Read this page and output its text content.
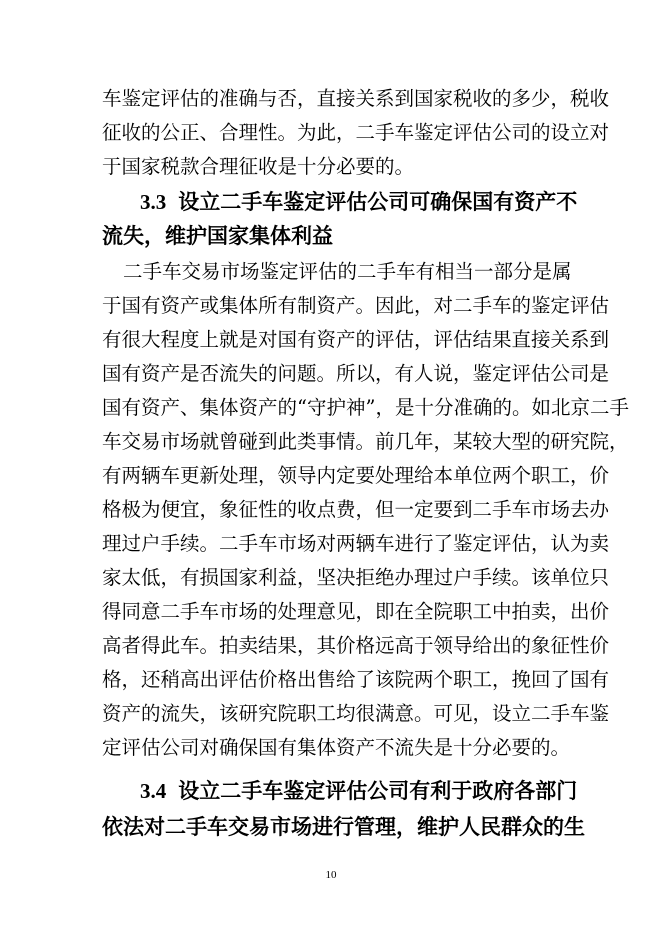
车鉴定评估的准确与否，直接关系到国家税收的多少，税收
征收的公正、合理性。为此，二手车鉴定评估公司的设立对
于国家税款合理征收是十分必要的。
3.3 设立二手车鉴定评估公司可确保国有资产不
流失，维护国家集体利益
二手车交易市场鉴定评估的二手车有相当一部分是属
于国有资产或集体所有制资产。因此，对二手车的鉴定评估
有很大程度上就是对国有资产的评估，评估结果直接关系到
国有资产是否流失的问题。所以，有人说，鉴定评估公司是
国有资产、集体资产的“守护神”，是十分准确的。如北京二手
车交易市场就曾碰到此类事情。前几年，某较大型的研究院，
有两辆车更新处理，领导内定要处理给本单位两个职工，价
格极为便宜，象征性的收点费，但一定要到二手车市场去办
理过户手续。二手车市场对两辆车进行了鉴定评估，认为卖
家太低，有损国家利益，坚决拒绝办理过户手续。该单位只
得同意二手车市场的处理意见，即在全院职工中拍卖，出价
高者得此车。拍卖结果，其价格远高于领导给出的象征性价
格，还稍高出评估价格出售给了该院两个职工，挽回了国有
资产的流失，该研究院职工均很满意。可见，设立二手车鉴
定评估公司对确保国有集体资产不流失是十分必要的。
3.4 设立二手车鉴定评估公司有利于政府各部门
依法对二手车交易市场进行管理，维护人民群众的生
10
